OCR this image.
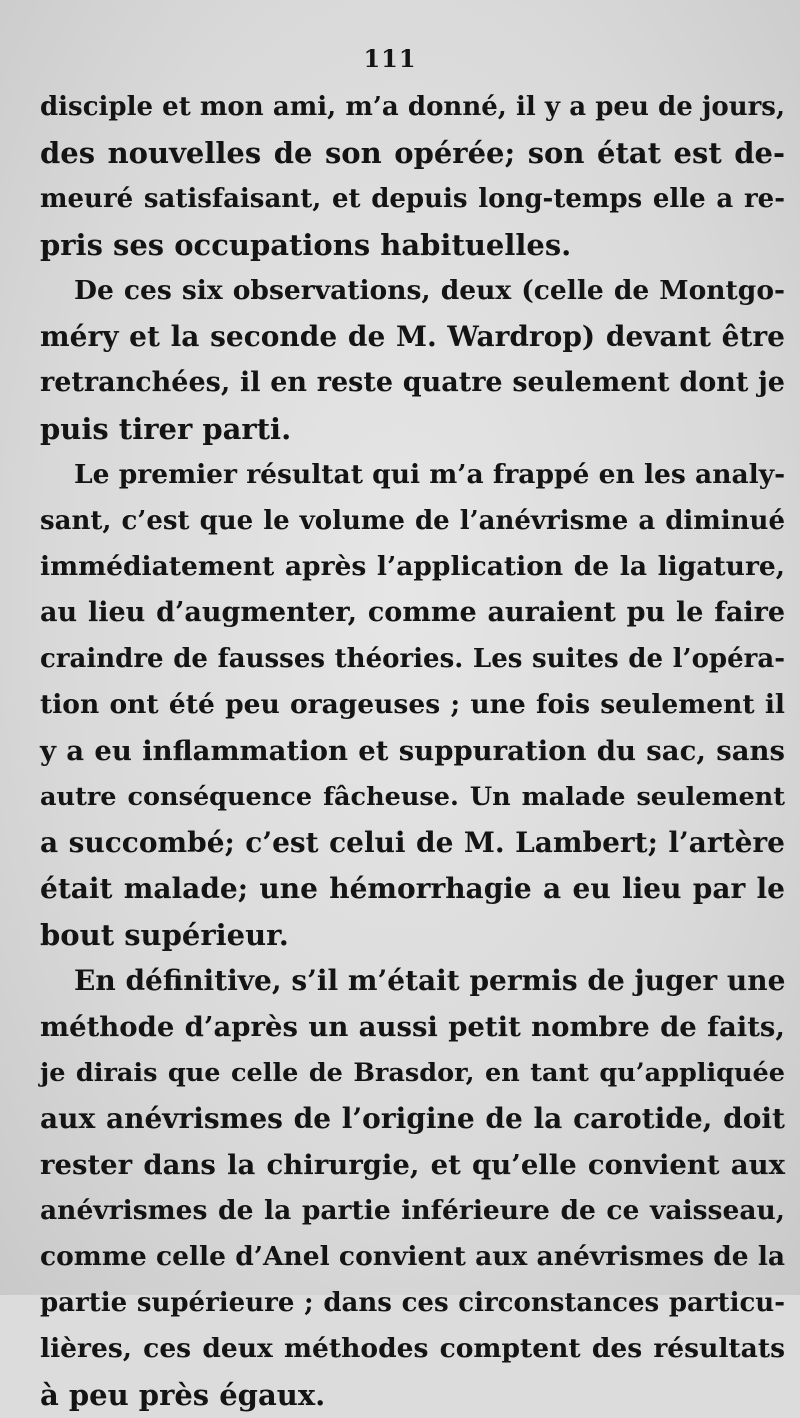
111
disciple et mon ami, m’a donné, il y a peu de jours,
des nouvelles de son opérée; son état est de-
meuré satisfaisant, et depuis long-temps elle a re-
pris ses occupations habituelles.
De ces six observations, deux (celle de Montgo-
méry et la seconde de M. Wardrop) devant être
retranchées, il en reste quatre seulement dont je
puis tirer parti.
Le premier résultat qui m’a frappé en les analy-
sant, c’est que le volume de l’anévrisme a diminué
immédiatement après l’application de la ligature,
au lieu d’augmenter, comme auraient pu le faire
craindre de fausses théories. Les suites de l’opéra-
tion ont été peu orageuses ; une fois seulement il
y a eu inflammation et suppuration du sac, sans
autre conséquence fâcheuse. Un malade seulement
a succombé; c’est celui de M. Lambert; l’artère
était malade; une hémorrhagie a eu lieu par le
bout supérieur.
En définitive, s’il m’était permis de juger une
méthode d’après un aussi petit nombre de faits,
je dirais que celle de Brasdor, en tant qu’appliquée
aux anévrismes de l’origine de la carotide, doit
rester dans la chirurgie, et qu’elle convient aux
anévrismes de la partie inférieure de ce vaisseau,
comme celle d’Anel convient aux anévrismes de la
partie supérieure ; dans ces circonstances particu-
lières, ces deux méthodes comptent des résultats
à peu près égaux.
